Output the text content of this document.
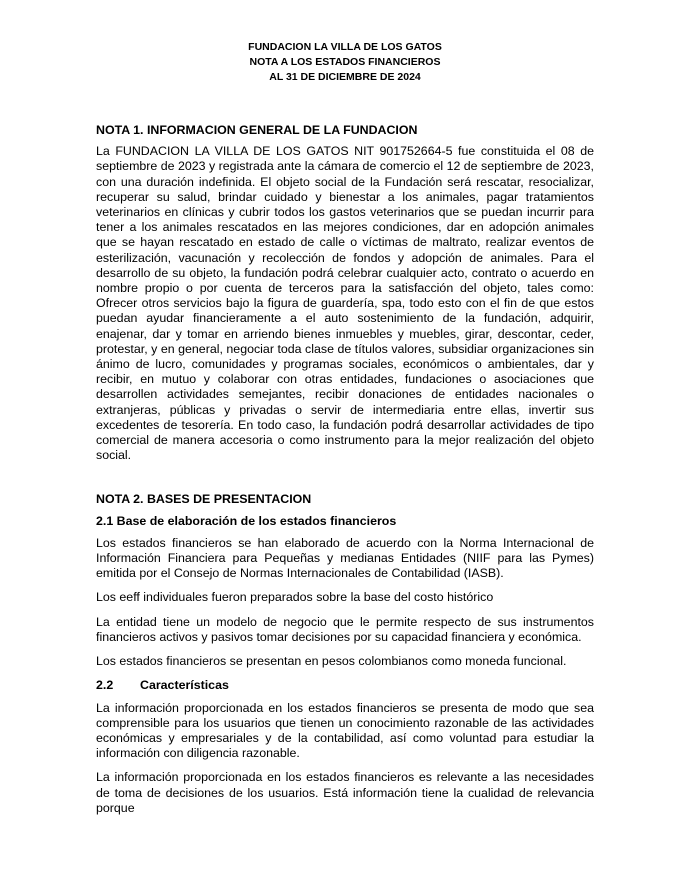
FUNDACION LA VILLA DE LOS GATOS
NOTA A LOS ESTADOS FINANCIEROS
AL 31 DE DICIEMBRE DE 2024
NOTA 1. INFORMACION GENERAL DE LA FUNDACION

La FUNDACION LA VILLA DE LOS GATOS NIT 901752664-5 fue constituida el 08 de septiembre de 2023 y registrada ante la cámara de comercio el 12 de septiembre de 2023, con una duración indefinida. El objeto social de la Fundación será rescatar, resocializar, recuperar su salud, brindar cuidado y bienestar a los animales, pagar tratamientos veterinarios en clínicas y cubrir todos los gastos veterinarios que se puedan incurrir para tener a los animales rescatados en las mejores condiciones, dar en adopción animales que se hayan rescatado en estado de calle o víctimas de maltrato, realizar eventos de esterilización, vacunación y recolección de fondos y adopción de animales. Para el desarrollo de su objeto, la fundación podrá celebrar cualquier acto, contrato o acuerdo en nombre propio o por cuenta de terceros para la satisfacción del objeto, tales como: Ofrecer otros servicios bajo la figura de guardería, spa, todo esto con el fin de que estos puedan ayudar financieramente a el auto sostenimiento de la fundación, adquirir, enajenar, dar y tomar en arriendo bienes inmuebles y muebles, girar, descontar, ceder, protestar, y en general, negociar toda clase de títulos valores, subsidiar organizaciones sin ánimo de lucro, comunidades y programas sociales, económicos o ambientales, dar y recibir, en mutuo y colaborar con otras entidades, fundaciones o asociaciones que desarrollen actividades semejantes, recibir donaciones de entidades nacionales o extranjeras, públicas y privadas o servir de intermediaria entre ellas, invertir sus excedentes de tesorería. En todo caso, la fundación podrá desarrollar actividades de tipo comercial de manera accesoria o como instrumento para la mejor realización del objeto social.

NOTA 2. BASES DE PRESENTACION
2.1 Base de elaboración de los estados financieros

Los estados financieros se han elaborado de acuerdo con la Norma Internacional de Información Financiera para Pequeñas y medianas Entidades (NIIF para las Pymes) emitida por el Consejo de Normas Internacionales de Contabilidad (IASB).

Los eeff individuales fueron preparados sobre la base del costo histórico

La entidad tiene un modelo de negocio que le permite respecto de sus instrumentos financieros activos y pasivos tomar decisiones por su capacidad financiera y económica.

Los estados financieros se presentan en pesos colombianos como moneda funcional.

2.2 Características

La información proporcionada en los estados financieros se presenta de modo que sea comprensible para los usuarios que tienen un conocimiento razonable de las actividades económicas y empresariales y de la contabilidad, así como voluntad para estudiar la información con diligencia razonable.

La información proporcionada en los estados financieros es relevante a las necesidades de toma de decisiones de los usuarios. Está información tiene la cualidad de relevancia porque
